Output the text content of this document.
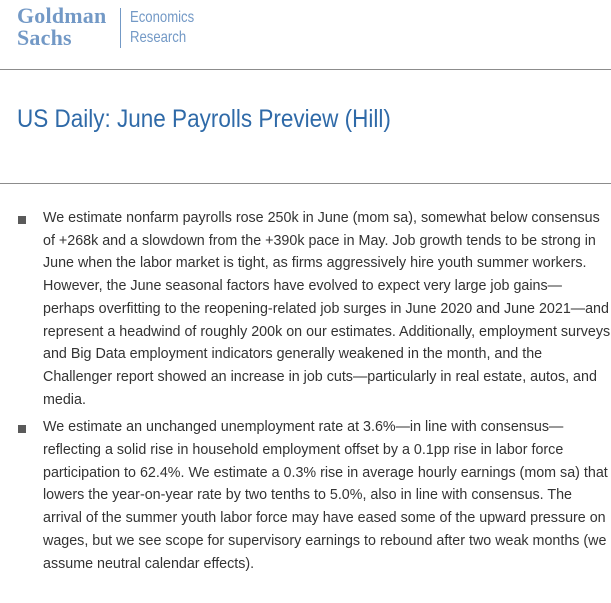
Goldman
Sachs
Economics
Research
US Daily: June Payrolls Preview (Hill)
We estimate nonfarm payrolls rose 250k in June (mom sa), somewhat below consensus of +268k and a slowdown from the +390k pace in May. Job growth tends to be strong in June when the labor market is tight, as firms aggressively hire youth summer workers. However, the June seasonal factors have evolved to expect very large job gains—perhaps overfitting to the reopening-related job surges in June 2020 and June 2021—and represent a headwind of roughly 200k on our estimates. Additionally, employment surveys and Big Data employment indicators generally weakened in the month, and the Challenger report showed an increase in job cuts—particularly in real estate, autos, and media.
We estimate an unchanged unemployment rate at 3.6%—in line with consensus—reflecting a solid rise in household employment offset by a 0.1pp rise in labor force participation to 62.4%. We estimate a 0.3% rise in average hourly earnings (mom sa) that lowers the year-on-year rate by two tenths to 5.0%, also in line with consensus. The arrival of the summer youth labor force may have eased some of the upward pressure on wages, but we see scope for supervisory earnings to rebound after two weak months (we assume neutral calendar effects).
